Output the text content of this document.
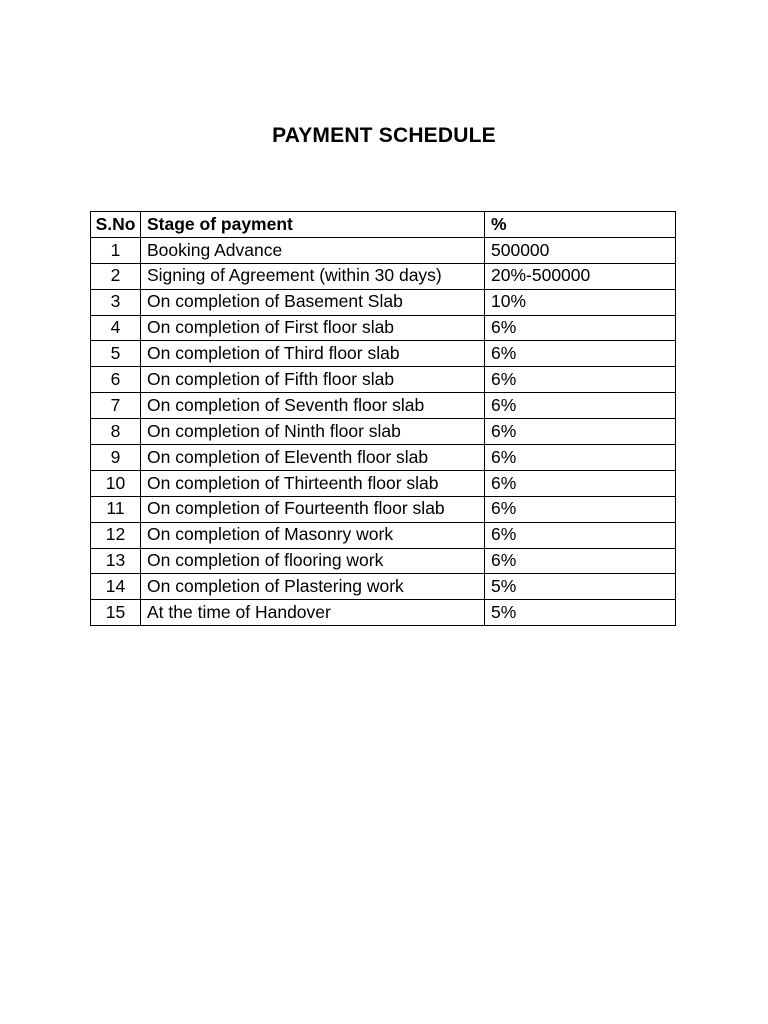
PAYMENT SCHEDULE
S.No	Stage of payment	%
1	Booking Advance	500000
2	Signing of Agreement (within 30 days)	20%-500000
3	On completion of Basement Slab	10%
4	On completion of First floor slab	6%
5	On completion of Third floor slab	6%
6	On completion of Fifth floor slab	6%
7	On completion of Seventh floor slab	6%
8	On completion of Ninth floor slab	6%
9	On completion of Eleventh floor slab	6%
10	On completion of Thirteenth floor slab	6%
11	On completion of Fourteenth floor slab	6%
12	On completion of Masonry work	6%
13	On completion of flooring work	6%
14	On completion of Plastering work	5%
15	At the time of Handover	5%
